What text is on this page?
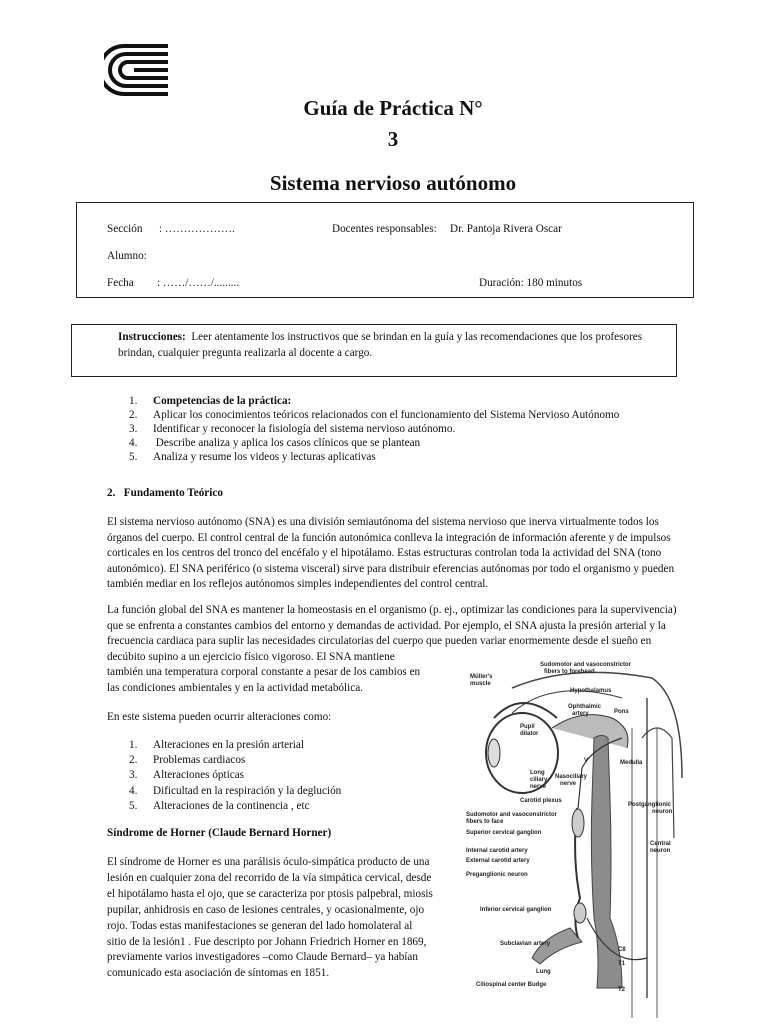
Guía de Práctica N°
3
Sistema nervioso autónomo
Sección : ……………….	Docentes responsables: Dr. Pantoja Rivera Oscar
Alumno:
Fecha : ……/……/.........	Duración: 180 minutos
Instrucciones: Leer atentamente los instructivos que se brindan en la guía y las recomendaciones que los profesores
brindan, cualquier pregunta realizarla al docente a cargo.
1.	Competencias de la práctica:
2.	Aplicar los conocimientos teóricos relacionados con el funcionamiento del Sistema Nervioso Autónomo
3.	Identificar y reconocer la fisiología del sistema nervioso autónomo.
4.	Describe analiza y aplica los casos clínicos que se plantean
5.	Analiza y resume los videos y lecturas aplicativas
2.   Fundamento Teórico
El sistema nervioso autónomo (SNA) es una división semiautónoma del sistema nervioso que inerva virtualmente todos los
órganos del cuerpo. El control central de la función autonómica conlleva la integración de información aferente y de impulsos
corticales en los centros del tronco del encéfalo y el hipotálamo. Estas estructuras controlan toda la actividad del SNA (tono
autonómico). El SNA periférico (o sistema visceral) sirve para distribuir eferencias autónomas por todo el organismo y pueden
también mediar en los reflejos autónomos simples independientes del control central.
La función global del SNA es mantener la homeostasis en el organismo (p. ej., optimizar las condiciones para la supervivencia)
que se enfrenta a constantes cambios del entorno y demandas de actividad. Por ejemplo, el SNA ajusta la presión arterial y la
frecuencia cardiaca para suplir las necesidades circulatorias del cuerpo que pueden variar enormemente desde el sueño en
decúbito supino a un ejercicio físico vigoroso. El SNA mantiene
también una temperatura corporal constante a pesar de los cambios en
las condiciones ambientales y en la actividad metabólica.
En este sistema pueden ocurrir alteraciones como:
1.	Alteraciones en la presión arterial
2.	Problemas cardiacos
3.	Alteraciones ópticas
4.	Dificultad en la respiración y la deglución
5.	Alteraciones de la continencia , etc
Síndrome de Horner (Claude Bernard Horner)
El síndrome de Horner es una parálisis óculo-simpática producto de una
lesión en cualquier zona del recorrido de la vía simpática cervical, desde
el hipotálamo hasta el ojo, que se caracteriza por ptosis palpebral, miosis
pupilar, anhidrosis en caso de lesiones centrales, y ocasionalmente, ojo
rojo. Todas estas manifestaciones se generan del lado homolateral al
sitio de la lesión1 . Fue descripto por Johann Friedrich Horner en 1869,
previamente varios investigadores –como Claude Bernard– ya habían
comunicado esta asociación de síntomas en 1851.
Sudomotor and vasoconstrictor
fibers to forehead
Müller's
muscle
Hypothalamus
Ophthalmic
artery	Pons
Pupil
dilator
V	Medulla
Long
ciliary
nerve
Nasociliary
nerve
Carotid plexus
Postganglionic
neuron
Sudomotor and vasoconstrictor
fibers to face
Superior cervical ganglion
Central
neuron
Internal carotid artery
External carotid artery
Preganglionic neuron
Inferior cervical ganglion
Subclavian artery
C8
T1
Lung
Ciliospinal center Budge
T2
